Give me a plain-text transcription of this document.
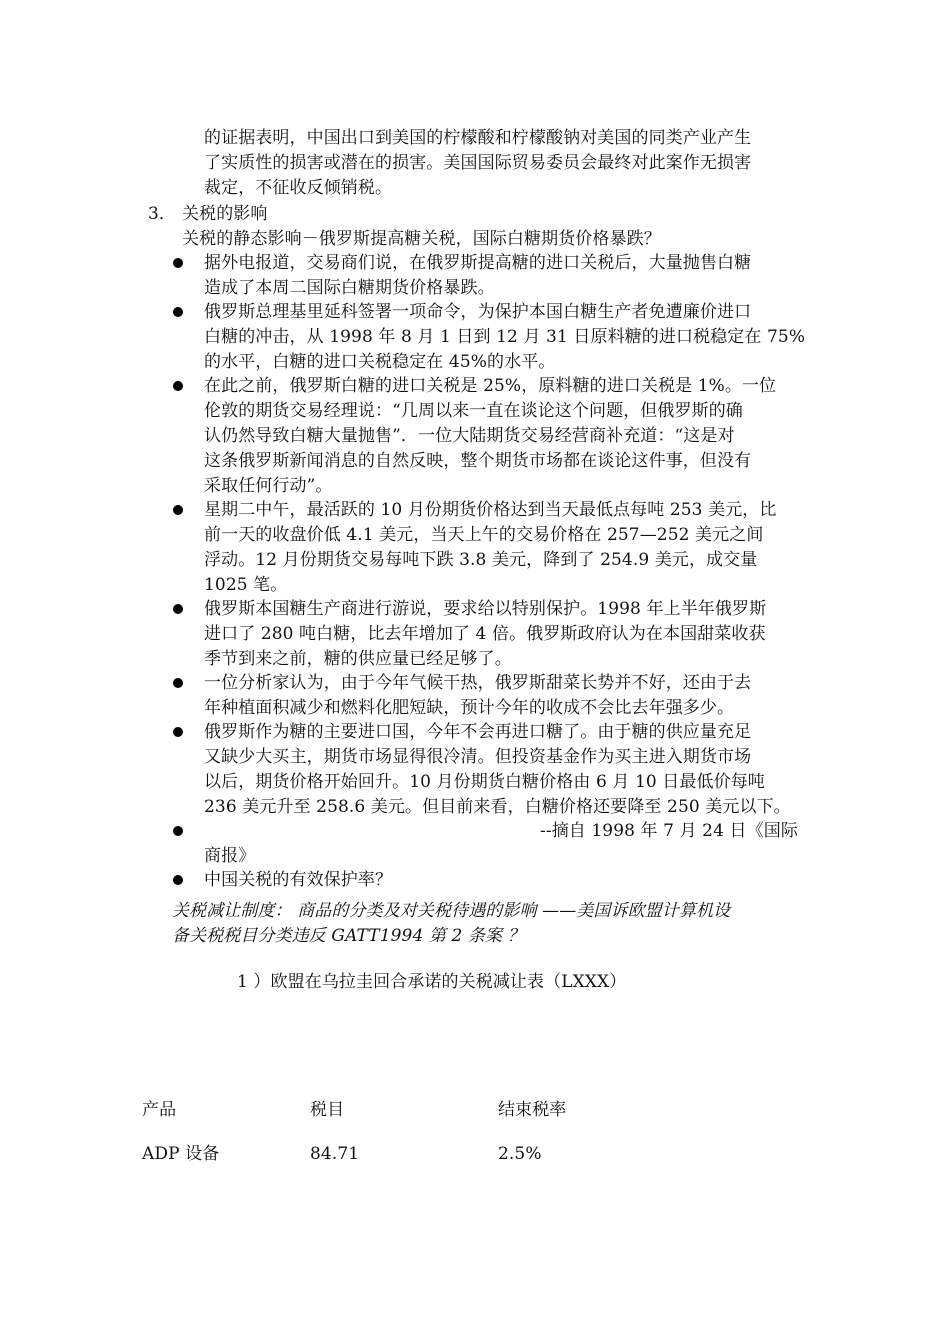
的证据表明，中国出口到美国的柠檬酸和柠檬酸钠对美国的同类产业产生
了实质性的损害或潜在的损害。美国国际贸易委员会最终对此案作无损害
裁定，不征收反倾销税。
3． 关税的影响
关税的静态影响－俄罗斯提高糖关税，国际白糖期货价格暴跌？
据外电报道，交易商们说，在俄罗斯提高糖的进口关税后，大量抛售白糖
造成了本周二国际白糖期货价格暴跌。
俄罗斯总理基里延科签署一项命令，为保护本国白糖生产者免遭廉价进口
白糖的冲击，从 1998 年 8 月 1 日到 12 月 31 日原料糖的进口税稳定在 75%
的水平，白糖的进口关税稳定在 45%的水平。
在此之前，俄罗斯白糖的进口关税是 25%，原料糖的进口关税是 1%。一位
伦敦的期货交易经理说：“几周以来一直在谈论这个问题，但俄罗斯的确
认仍然导致白糖大量抛售”．一位大陆期货交易经营商补充道：“这是对
这条俄罗斯新闻消息的自然反映，整个期货市场都在谈论这件事，但没有
采取任何行动”。
星期二中午，最活跃的 10 月份期货价格达到当天最低点每吨 253 美元，比
前一天的收盘价低 4.1 美元，当天上午的交易价格在 257—252 美元之间
浮动。12 月份期货交易每吨下跌 3.8 美元，降到了 254.9 美元，成交量
1025 笔。
俄罗斯本国糖生产商进行游说，要求给以特别保护。1998 年上半年俄罗斯
进口了 280 吨白糖，比去年增加了 4 倍。俄罗斯政府认为在本国甜菜收获
季节到来之前，糖的供应量已经足够了。
一位分析家认为，由于今年气候干热，俄罗斯甜菜长势并不好，还由于去
年种植面积减少和燃料化肥短缺，预计今年的收成不会比去年强多少。
俄罗斯作为糖的主要进口国，今年不会再进口糖了。由于糖的供应量充足
又缺少大买主，期货市场显得很冷清。但投资基金作为买主进入期货市场
以后，期货价格开始回升。10 月份期货白糖价格由 6 月 10 日最低价每吨
236 美元升至 258.6 美元。但目前来看，白糖价格还要降至 250 美元以下。
--摘自 1998 年 7 月 24 日《国际
商报》
中国关税的有效保护率？
关税减让制度： 商品的分类及对关税待遇的影响 ——美国诉欧盟计算机设
备关税税目分类违反 GATT1994 第 2 条案 ？
1 ）欧盟在乌拉圭回合承诺的关税减让表（LXXX）
产品	税目	结束税率
ADP 设备	84.71	2.5%
